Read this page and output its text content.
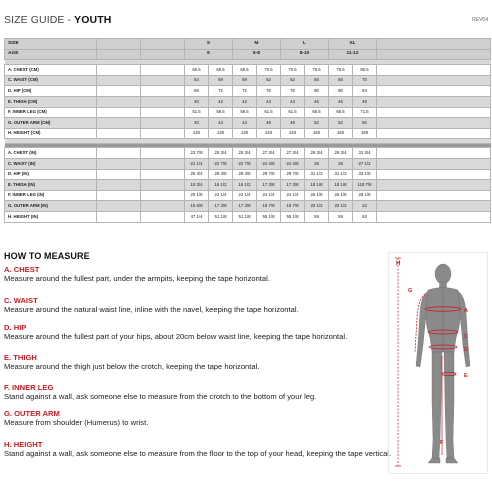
SIZE GUIDE - YOUTH	REV04
SIZE			S		M		L		XL		
AGE			6		6-8		8-10		11-12		

A. CHEST (CM)			60.5	65.5	65.5	70.5	70.5	75.5	75.5	80.5	
C. WAIST (CM)			54	59	59	62	62	66	66	70	
D. HIP (CM)			68	72	72	76	76	80	80	84	
E. THIGH (CM)			40	42	42	44	44	46	46	48	
F. INNER LEG (CM)			51.5	56.5	56.5	61.5	61.5	66.5	66.5	71.5	
G. OUTER ARM (CM)			40	44	44	48	48	52	52	56	
H. HEIGHT (CM)			120	130	130	140	140	150	150	160	

A. CHEST (IN)			23 7/8	25 3/4	25 3/4	27 3/4	27 3/4	29 3/4	29 3/4	31 3/4	
C. WAIST (IN)			21 1/4	22 7/8	22 7/8	24 3/8	24 3/8	26	26	27 1/2	
D. HIP (IN)			26 3/4	28 3/8	28 3/8	29 7/8	29 7/8	31 1/2	31 1/2	33 1/8	
E. THIGH (IN)			15 3/4	16 1/2	16 1/2	17 3/8	17 3/8	18 1/8	18 1/8	118 7/8	
F. INNER LEG (IN)			20 1/8	22 1/4	22 1/4	24 1/4	24 1/4	26 1/8	26 1/8	28 1/8	
G. OUTER ARM (IN)			15 6/8	17 3/8	17 3/8	18 7/8	18 7/8	20 1/2	20 1/2	22	
H. HEIGHT (IN)			47 1/4	51 1/8	51 1/8	55 1/8	55 1/8	59	59	63	
HOW TO MEASURE
A. CHEST
Measure around the fullest part, under the armpits, keeping the tape horizontal.
C. WAIST
Measure around the natural waist line, inline with the navel, keeping the tape horizontal.
D. HIP
Measure around the fullest part of your hips, about 20cm below waist line, keeping the tape horizontal.
E. THIGH
Measure around the thigh just below the crotch, keeping the tape horizontal.
F. INNER LEG
Stand against a wall, ask someone else to measure from the crotch to the bottom of your leg.
G. OUTER ARM
Measure from shoulder (Humerus) to wrist.
H. HEIGHT
Stand against a wall, ask someone else to measure from the floor to the top of your head, keeping the tape vertical.
H
A
C
D
E
F
G
